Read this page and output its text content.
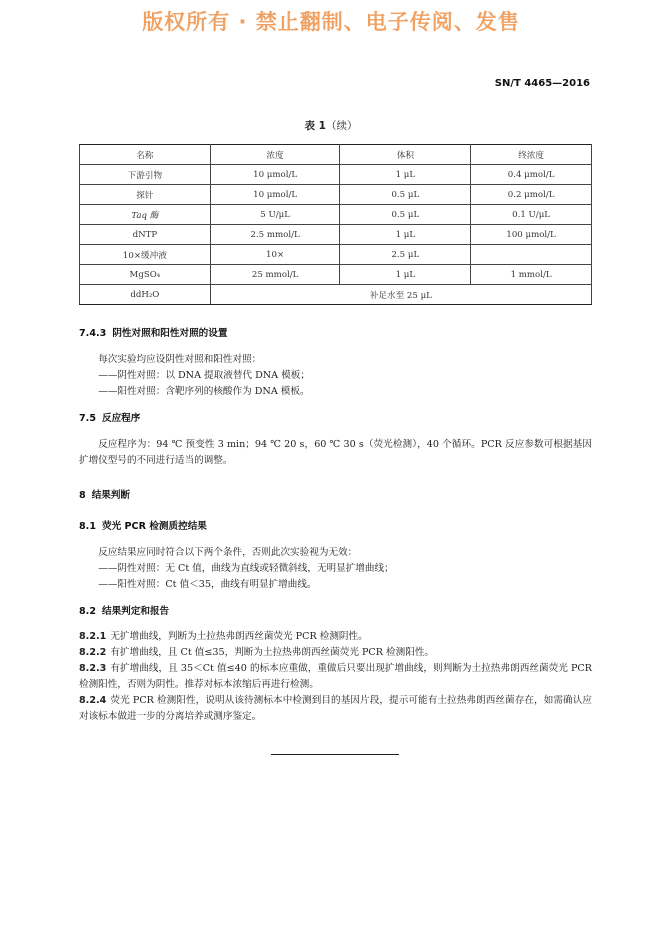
版权所有 · 禁止翻制、电子传阅、发售
SN/T 4465—2016
表 1（续）
名称	浓度	体积	终浓度
下游引物	10 μmol/L	1 μL	0.4 μmol/L
探针	10 μmol/L	0.5 μL	0.2 μmol/L
Taq 酶	5 U/μL	0.5 μL	0.1 U/μL
dNTP	2.5 mmol/L	1 μL	100 μmol/L
10×缓冲液	10×	2.5 μL	
MgSO₄	25 mmol/L	1 μL	1 mmol/L
ddH₂O	补足水至 25 μL		
7.4.3 阴性对照和阳性对照的设置
每次实验均应设阴性对照和阳性对照：
——阴性对照：以 DNA 提取液替代 DNA 模板；
——阳性对照：含靶序列的核酸作为 DNA 模板。
7.5 反应程序
反应程序为：94 ℃ 预变性 3 min；94 ℃ 20 s，60 ℃ 30 s（荧光检测），40 个循环。PCR 反应参数可根据基因扩增仪型号的不同进行适当的调整。
8 结果判断
8.1 荧光 PCR 检测质控结果
反应结果应同时符合以下两个条件，否则此次实验视为无效：
——阴性对照：无 Ct 值，曲线为直线或轻微斜线，无明显扩增曲线；
——阳性对照：Ct 值＜35，曲线有明显扩增曲线。
8.2 结果判定和报告
8.2.1 无扩增曲线，判断为土拉热弗朗西丝菌荧光 PCR 检测阴性。
8.2.2 有扩增曲线，且 Ct 值≤35，判断为土拉热弗朗西丝菌荧光 PCR 检测阳性。
8.2.3 有扩增曲线，且 35＜Ct 值≤40 的标本应重做，重做后只要出现扩增曲线，则判断为土拉热弗朗西丝菌荧光 PCR 检测阳性，否则为阴性。推荐对标本浓缩后再进行检测。
8.2.4 荧光 PCR 检测阳性，说明从该待测标本中检测到目的基因片段，提示可能有土拉热弗朗西丝菌存在，如需确认应对该标本做进一步的分离培养或测序鉴定。
